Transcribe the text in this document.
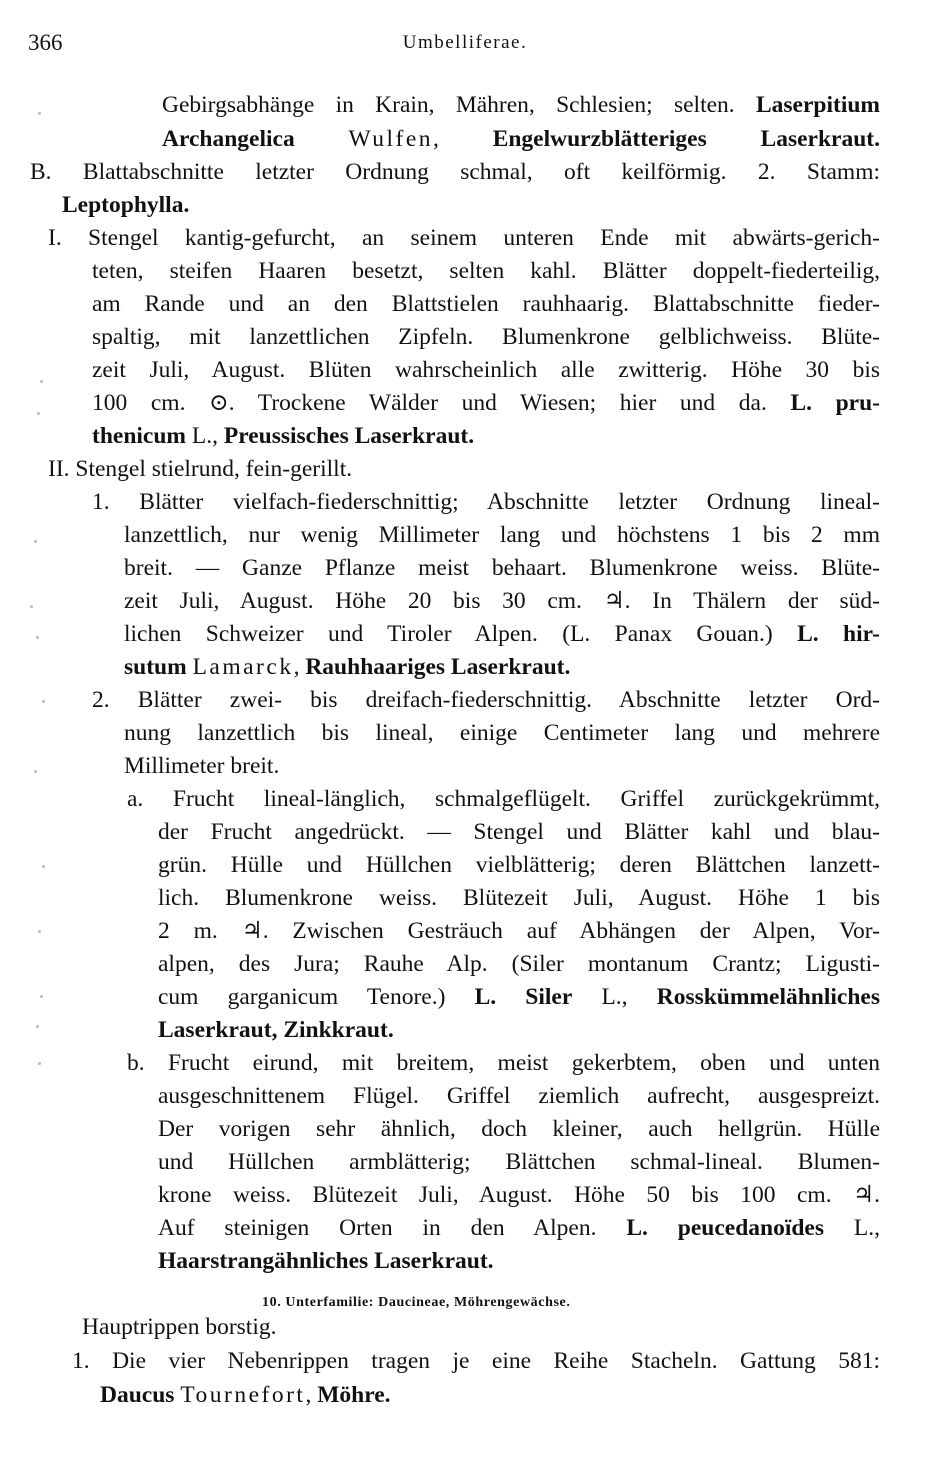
366	Umbelliferae.
Gebirgsabhänge in Krain, Mähren, Schlesien; selten. Laserpitium
Archangelica Wulfen, Engelwurzblätteriges Laserkraut.
B. Blattabschnitte letzter Ordnung schmal, oft keilförmig. 2. Stamm:
Leptophylla.
I. Stengel kantig-gefurcht, an seinem unteren Ende mit abwärts-gerich-
teten, steifen Haaren besetzt, selten kahl. Blätter doppelt-fiederteilig,
am Rande und an den Blattstielen rauhhaarig. Blattabschnitte fieder-
spaltig, mit lanzettlichen Zipfeln. Blumenkrone gelblichweiss. Blüte-
zeit Juli, August. Blüten wahrscheinlich alle zwitterig. Höhe 30 bis
100 cm. ⊙. Trockene Wälder und Wiesen; hier und da. L. pru-
thenicum L., Preussisches Laserkraut.
II. Stengel stielrund, fein-gerillt.
1. Blätter vielfach-fiederschnittig; Abschnitte letzter Ordnung lineal-
lanzettlich, nur wenig Millimeter lang und höchstens 1 bis 2 mm
breit. — Ganze Pflanze meist behaart. Blumenkrone weiss. Blüte-
zeit Juli, August. Höhe 20 bis 30 cm. ♃. In Thälern der süd-
lichen Schweizer und Tiroler Alpen. (L. Panax Gouan.) L. hir-
sutum Lamarck, Rauhhaariges Laserkraut.
2. Blätter zwei- bis dreifach-fiederschnittig. Abschnitte letzter Ord-
nung lanzettlich bis lineal, einige Centimeter lang und mehrere
Millimeter breit.
a. Frucht lineal-länglich, schmalgeflügelt. Griffel zurückgekrümmt,
der Frucht angedrückt. — Stengel und Blätter kahl und blau-
grün. Hülle und Hüllchen vielblätterig; deren Blättchen lanzett-
lich. Blumenkrone weiss. Blütezeit Juli, August. Höhe 1 bis
2 m. ♃. Zwischen Gesträuch auf Abhängen der Alpen, Vor-
alpen, des Jura; Rauhe Alp. (Siler montanum Crantz; Ligusti-
cum garganicum Tenore.) L. Siler L., Rosskümmelähnliches
Laserkraut, Zinkkraut.
b. Frucht eirund, mit breitem, meist gekerbtem, oben und unten
ausgeschnittenem Flügel. Griffel ziemlich aufrecht, ausgespreizt.
Der vorigen sehr ähnlich, doch kleiner, auch hellgrün. Hülle
und Hüllchen armblätterig; Blättchen schmal-lineal. Blumen-
krone weiss. Blütezeit Juli, August. Höhe 50 bis 100 cm. ♃.
Auf steinigen Orten in den Alpen. L. peucedanoïdes L.,
Haarstrangähnliches Laserkraut.
10. Unterfamilie: Daucineae, Möhrengewächse.
Hauptrippen borstig.
1. Die vier Nebenrippen tragen je eine Reihe Stacheln. Gattung 581:
Daucus Tournefort, Möhre.
